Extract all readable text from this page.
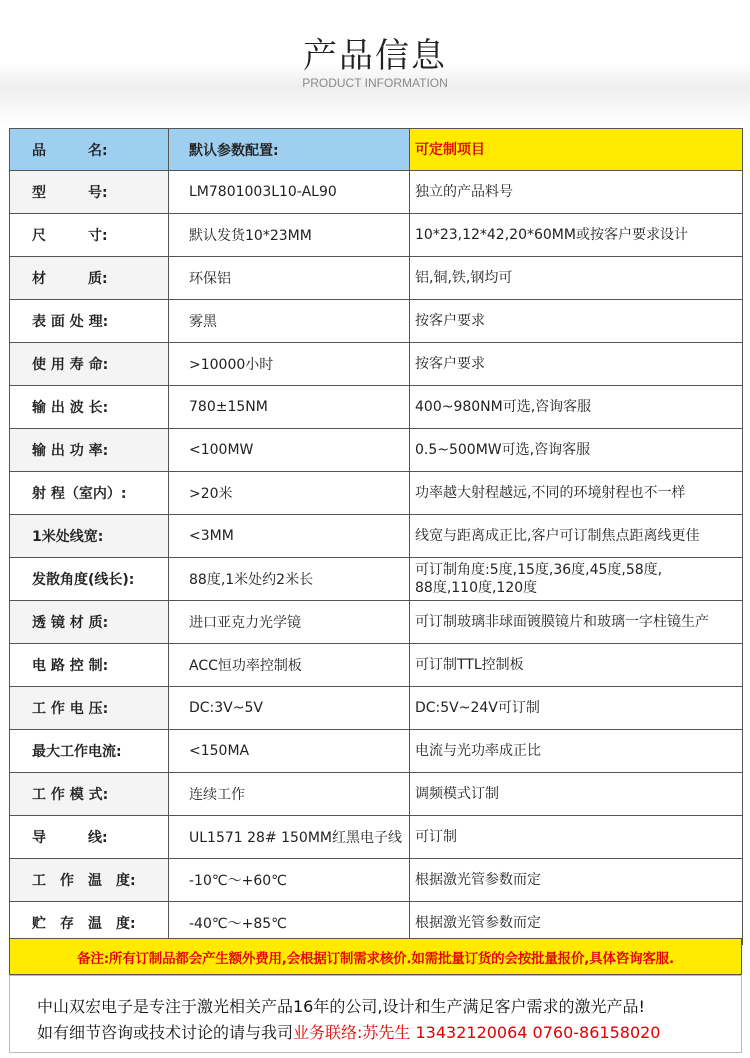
产品信息
PRODUCT INFORMATION
品　　　名:	默认参数配置:	可定制项目
型　　　号:	LM7801003L10-AL90	独立的产品料号
尺　　　寸:	默认发货10*23MM	10*23,12*42,20*60MM或按客户要求设计
材　　　质:	环保铝	铝,铜,铁,钢均可
表 面 处 理:	雾黑	按客户要求
使 用 寿 命:	>10000小时	按客户要求
输 出 波 长:	780±15NM	400~980NM可选,咨询客服
输 出 功 率:	<100MW	0.5~500MW可选,咨询客服
射 程（室内）:	>20米	功率越大射程越远,不同的环境射程也不一样
1米处线宽:	<3MM	线宽与距离成正比,客户可订制焦点距离线更佳
发散角度(线长):	88度,1米处约2米长	可订制角度:5度,15度,36度,45度,58度,
88度,110度,120度
透 镜 材 质:	进口亚克力光学镜	可订制玻璃非球面镀膜镜片和玻璃一字柱镜生产
电 路 控 制:	ACC恒功率控制板	可订制TTL控制板
工 作 电 压:	DC:3V~5V	DC:5V~24V可订制
最大工作电流:	<150MA	电流与光功率成正比
工 作 模 式:	连续工作	调频模式订制
导　　　线:	UL1571 28# 150MM红黑电子线	可订制
工　作　温　度:	-10℃～+60℃	根据激光管参数而定
贮　存　温　度:	-40℃～+85℃	根据激光管参数而定
备注:所有订制品都会产生额外费用,会根据订制需求核价.如需批量订货的会按批量报价,具体咨询客服.
中山双宏电子是专注于激光相关产品16年的公司,设计和生产满足客户需求的激光产品!
如有细节咨询或技术讨论的请与我司业务联络:苏先生 13432120064 0760-86158020
